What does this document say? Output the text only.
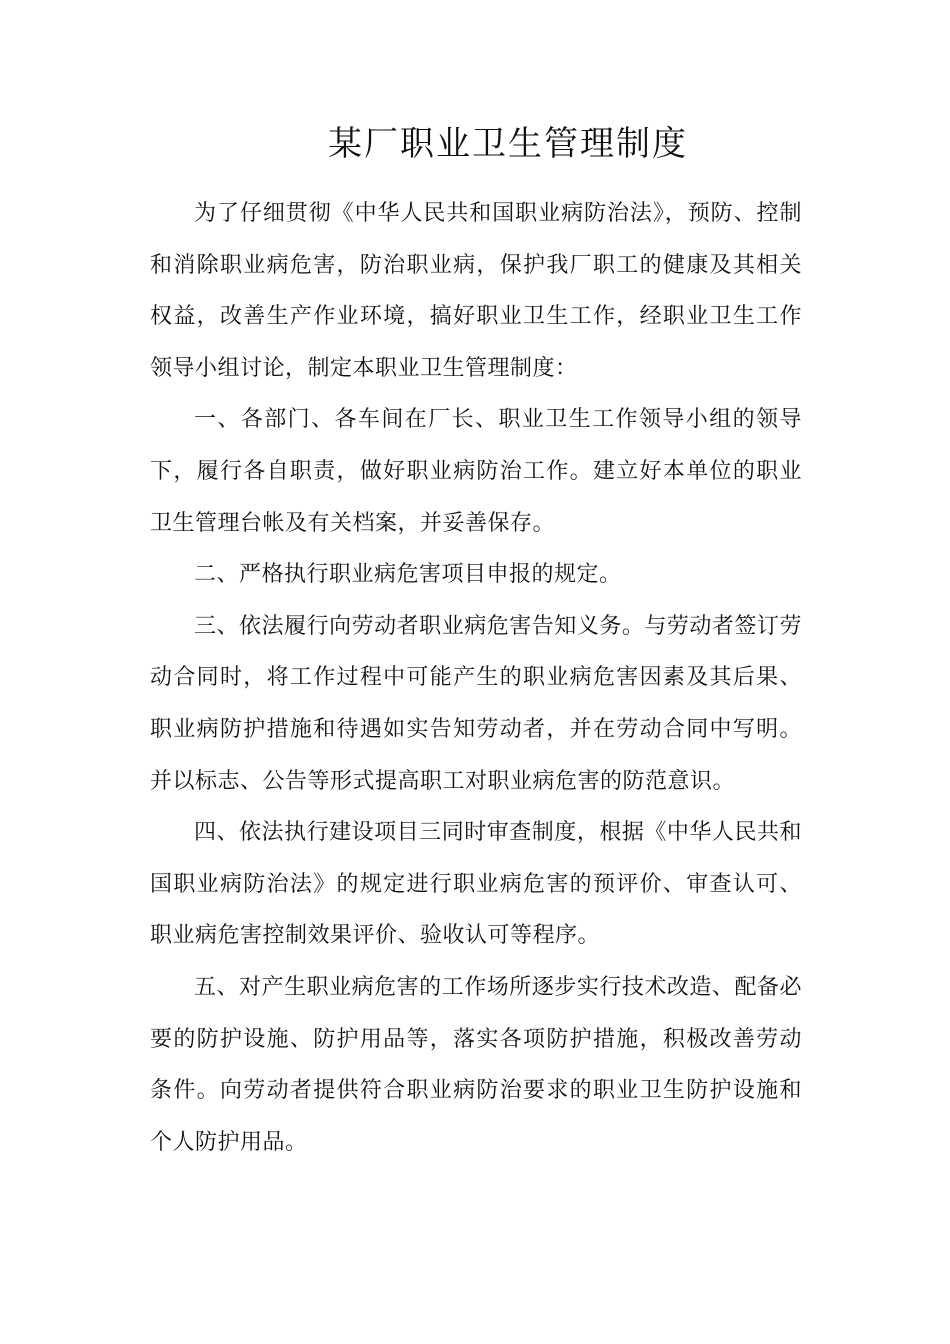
某厂职业卫生管理制度

为了仔细贯彻《中华人民共和国职业病防治法》，预防、控制和消除职业病危害，防治职业病，保护我厂职工的健康及其相关权益，改善生产作业环境，搞好职业卫生工作，经职业卫生工作领导小组讨论，制定本职业卫生管理制度：

一、各部门、各车间在厂长、职业卫生工作领导小组的领导下，履行各自职责，做好职业病防治工作。建立好本单位的职业卫生管理台帐及有关档案，并妥善保存。

二、严格执行职业病危害项目申报的规定。

三、依法履行向劳动者职业病危害告知义务。与劳动者签订劳动合同时，将工作过程中可能产生的职业病危害因素及其后果、职业病防护措施和待遇如实告知劳动者，并在劳动合同中写明。并以标志、公告等形式提高职工对职业病危害的防范意识。

四、依法执行建设项目三同时审查制度，根据《中华人民共和国职业病防治法》的规定进行职业病危害的预评价、审查认可、职业病危害控制效果评价、验收认可等程序。

五、对产生职业病危害的工作场所逐步实行技术改造、配备必要的防护设施、防护用品等，落实各项防护措施，积极改善劳动条件。向劳动者提供符合职业病防治要求的职业卫生防护设施和个人防护用品。
